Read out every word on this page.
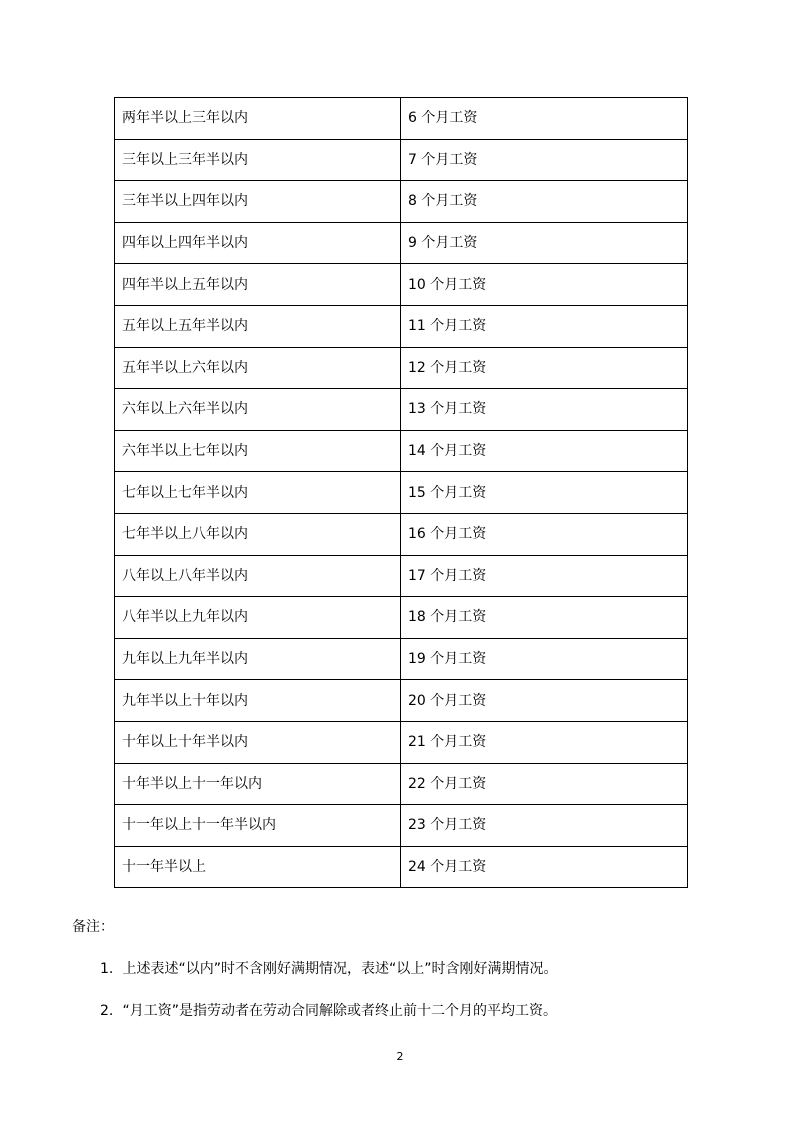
两年半以上三年以内	6 个月工资
三年以上三年半以内	7 个月工资
三年半以上四年以内	8 个月工资
四年以上四年半以内	9 个月工资
四年半以上五年以内	10 个月工资
五年以上五年半以内	11 个月工资
五年半以上六年以内	12 个月工资
六年以上六年半以内	13 个月工资
六年半以上七年以内	14 个月工资
七年以上七年半以内	15 个月工资
七年半以上八年以内	16 个月工资
八年以上八年半以内	17 个月工资
八年半以上九年以内	18 个月工资
九年以上九年半以内	19 个月工资
九年半以上十年以内	20 个月工资
十年以上十年半以内	21 个月工资
十年半以上十一年以内	22 个月工资
十一年以上十一年半以内	23 个月工资
十一年半以上	24 个月工资
备注：
1. 上述表述“以内”时不含刚好满期情况，表述“以上”时含刚好满期情况。
2. “月工资”是指劳动者在劳动合同解除或者终止前十二个月的平均工资。
2
